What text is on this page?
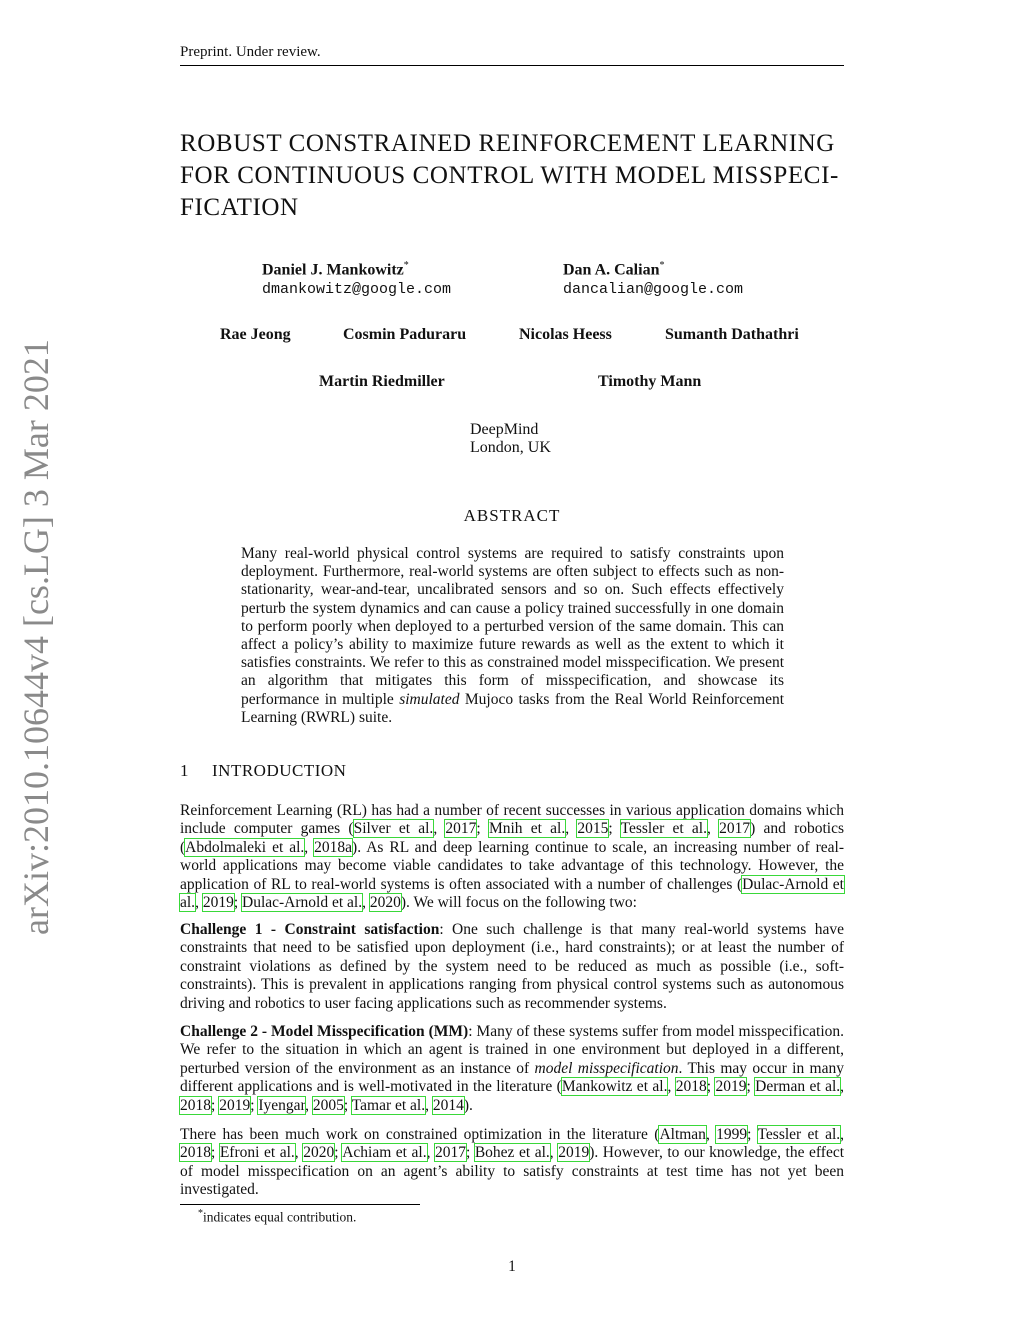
Preprint. Under review.
ROBUST CONSTRAINED REINFORCEMENT LEARNING
FOR CONTINUOUS CONTROL WITH MODEL MISSPECI-
FICATION
Daniel J. Mankowitz*
dmankowitz@google.com
Dan A. Calian*
dancalian@google.com
Rae Jeong	Cosmin Paduraru	Nicolas Heess	Sumanth Dathathri
Martin Riedmiller	Timothy Mann
DeepMind
London, UK
ABSTRACT
Many real-world physical control systems are required to satisfy constraints upon deployment. Furthermore, real-world systems are often subject to effects such as non-stationarity, wear-and-tear, uncalibrated sensors and so on. Such effects effectively perturb the system dynamics and can cause a policy trained successfully in one domain to perform poorly when deployed to a perturbed version of the same domain. This can affect a policy’s ability to maximize future rewards as well as the extent to which it satisfies constraints. We refer to this as constrained model misspecification. We present an algorithm that mitigates this form of misspecification, and showcase its performance in multiple simulated Mujoco tasks from the Real World Reinforcement Learning (RWRL) suite.
1 INTRODUCTION
Reinforcement Learning (RL) has had a number of recent successes in various application domains which include computer games (Silver et al., 2017; Mnih et al., 2015; Tessler et al., 2017) and robotics (Abdolmaleki et al., 2018a). As RL and deep learning continue to scale, an increasing number of real-world applications may become viable candidates to take advantage of this technology. However, the application of RL to real-world systems is often associated with a number of challenges (Dulac-Arnold et al., 2019; Dulac-Arnold et al., 2020). We will focus on the following two:
Challenge 1 - Constraint satisfaction: One such challenge is that many real-world systems have constraints that need to be satisfied upon deployment (i.e., hard constraints); or at least the number of constraint violations as defined by the system need to be reduced as much as possible (i.e., soft-constraints). This is prevalent in applications ranging from physical control systems such as autonomous driving and robotics to user facing applications such as recommender systems.
Challenge 2 - Model Misspecification (MM): Many of these systems suffer from model misspecification. We refer to the situation in which an agent is trained in one environment but deployed in a different, perturbed version of the environment as an instance of model misspecification. This may occur in many different applications and is well-motivated in the literature (Mankowitz et al., 2018; 2019; Derman et al., 2018; 2019; Iyengar, 2005; Tamar et al., 2014).
There has been much work on constrained optimization in the literature (Altman, 1999; Tessler et al., 2018; Efroni et al., 2020; Achiam et al., 2017; Bohez et al., 2019). However, to our knowledge, the effect of model misspecification on an agent’s ability to satisfy constraints at test time has not yet been investigated.
*indicates equal contribution.
1
arXiv:2010.10644v4 [cs.LG] 3 Mar 2021
